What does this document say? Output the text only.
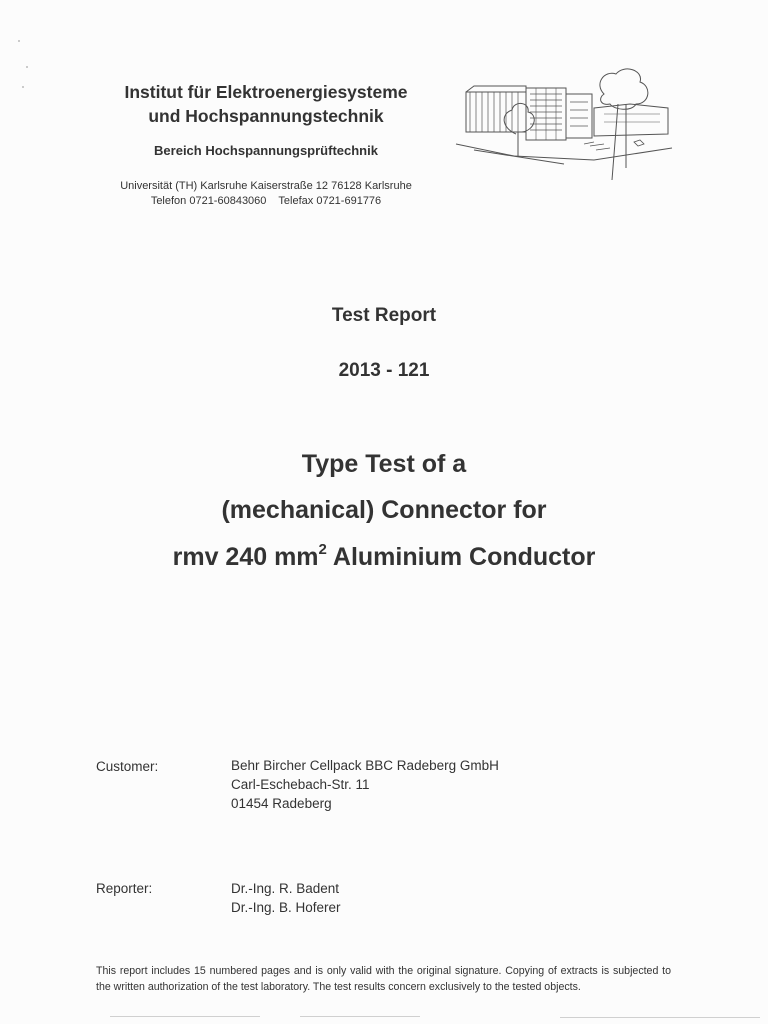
Institut für Elektroenergiesysteme
und Hochspannungstechnik
Bereich Hochspannungsprüftechnik
Universität (TH) Karlsruhe Kaiserstraße 12 76128 Karlsruhe
Telefon 0721-60843060 Telefax 0721-691776
Test Report
2013 - 121
Type Test of a
(mechanical) Connector for
rmv 240 $mm^2$ Aluminium Conductor
Customer:	Behr Bircher Cellpack BBC Radeberg GmbH
Carl-Eschebach-Str. 11
01454 Radeberg
Reporter:	Dr.-Ing. R. Badent
Dr.-Ing. B. Hoferer
This report includes 15 numbered pages and is only valid with the original signature. Copying of extracts is subjected to the written authorization of the test laboratory. The test results concern exclusively to the tested objects.
